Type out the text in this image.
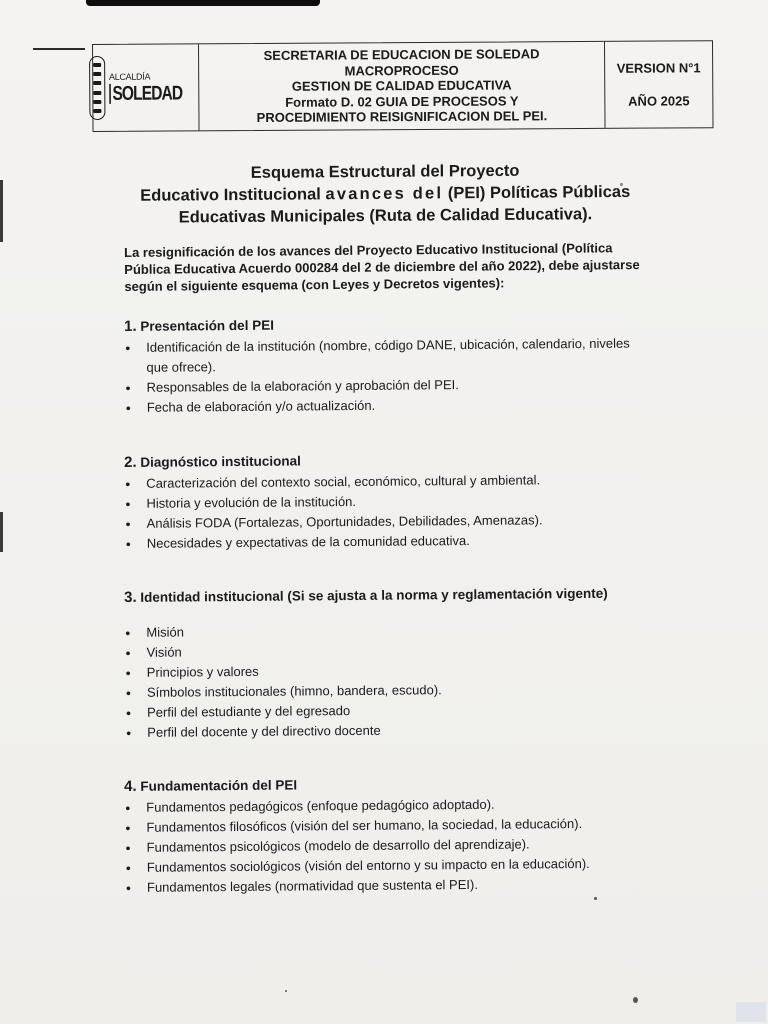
ALCALDÍA
SOLEDAD
SECRETARIA DE EDUCACION DE SOLEDAD
MACROPROCESO
GESTION DE CALIDAD EDUCATIVA
Formato D. 02 GUIA DE PROCESOS Y
PROCEDIMIENTO REISIGNIFICACION DEL PEI.
VERSION N°1
AÑO 2025
Esquema Estructural del Proyecto
Educativo Institucional avances del (PEI) Políticas Públicas
Educativas Municipales (Ruta de Calidad Educativa).
La resignificación de los avances del Proyecto Educativo Institucional (Política Pública Educativa Acuerdo 000284 del 2 de diciembre del año 2022), debe ajustarse según el siguiente esquema (con Leyes y Decretos vigentes):
1. Presentación del PEI
• Identificación de la institución (nombre, código DANE, ubicación, calendario, niveles que ofrece).
• Responsables de la elaboración y aprobación del PEI.
• Fecha de elaboración y/o actualización.
2. Diagnóstico institucional
• Caracterización del contexto social, económico, cultural y ambiental.
• Historia y evolución de la institución.
• Análisis FODA (Fortalezas, Oportunidades, Debilidades, Amenazas).
• Necesidades y expectativas de la comunidad educativa.
3. Identidad institucional (Si se ajusta a la norma y reglamentación vigente)
• Misión
• Visión
• Principios y valores
• Símbolos institucionales (himno, bandera, escudo).
• Perfil del estudiante y del egresado
• Perfil del docente y del directivo docente
4. Fundamentación del PEI
• Fundamentos pedagógicos (enfoque pedagógico adoptado).
• Fundamentos filosóficos (visión del ser humano, la sociedad, la educación).
• Fundamentos psicológicos (modelo de desarrollo del aprendizaje).
• Fundamentos sociológicos (visión del entorno y su impacto en la educación).
• Fundamentos legales (normatividad que sustenta el PEI).
